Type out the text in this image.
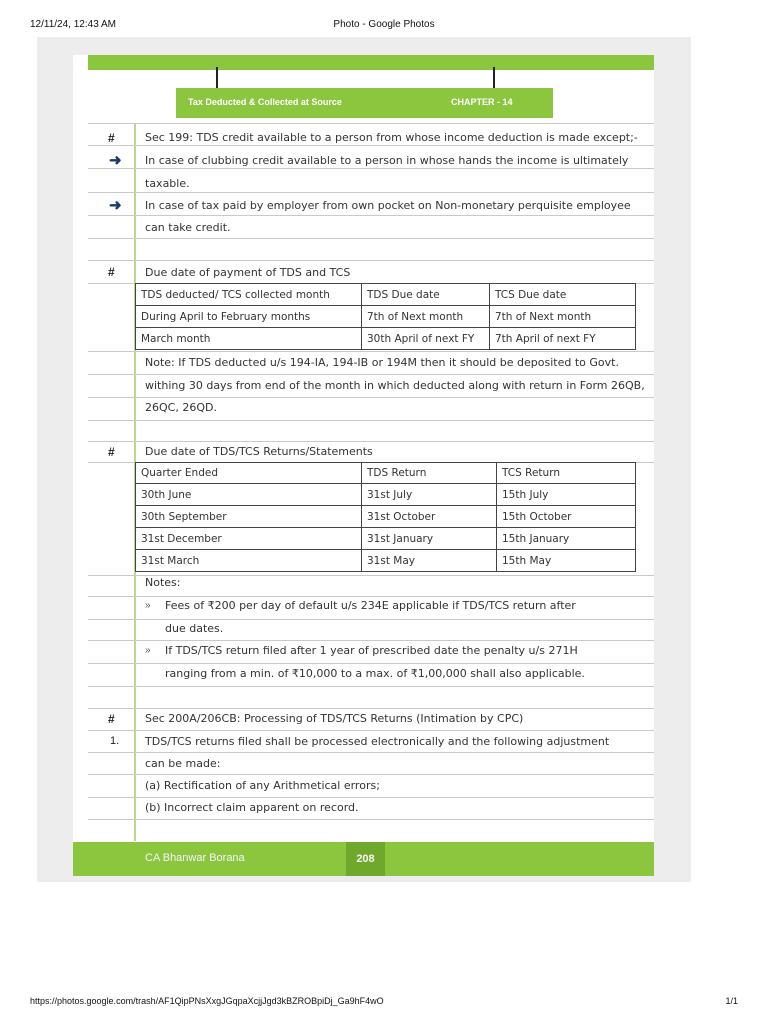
12/11/24, 12:43 AM	Photo - Google Photos
Tax Deducted & Collected at Source	CHAPTER - 14
#	Sec 199: TDS credit available to a person from whose income deduction is made except;-
➜ In case of clubbing credit available to a person in whose hands the income is ultimately
taxable.
➜ In case of tax paid by employer from own pocket on Non-monetary perquisite employee
can take credit.
#	Due date of payment of TDS and TCS
TDS deducted/ TCS collected month	TDS Due date	TCS Due date
During April to February months	7th of Next month	7th of Next month
March month	30th April of next FY	7th April of next FY
Note: If TDS deducted u/s 194-IA, 194-IB or 194M then it should be deposited to Govt.
withing 30 days from end of the month in which deducted along with return in Form 26QB,
26QC, 26QD.
#	Due date of TDS/TCS Returns/Statements
Quarter Ended	TDS Return	TCS Return
30th June	31st July	15th July
30th September	31st October	15th October
31st December	31st January	15th January
31st March	31st May	15th May
Notes:
» Fees of ₹200 per day of default u/s 234E applicable if TDS/TCS return after
due dates.
» If TDS/TCS return filed after 1 year of prescribed date the penalty u/s 271H
ranging from a min. of ₹10,000 to a max. of ₹1,00,000 shall also applicable.
#	Sec 200A/206CB: Processing of TDS/TCS Returns (Intimation by CPC)
1. TDS/TCS returns filed shall be processed electronically and the following adjustment
can be made:
(a) Rectification of any Arithmetical errors;
(b) Incorrect claim apparent on record.
CA Bhanwar Borana	208
https://photos.google.com/trash/AF1QipPNsXxgJGqpaXcjjJgd3kBZROBpiDj_Ga9hF4wO	1/1
